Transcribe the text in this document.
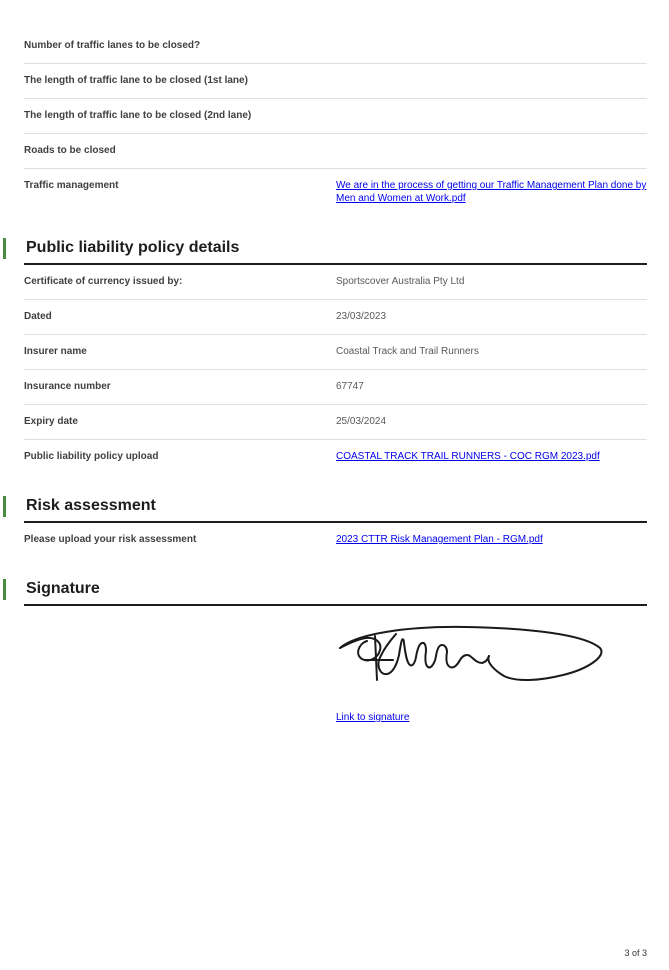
Number of traffic lanes to be closed?
The length of traffic lane to be closed (1st lane)
The length of traffic lane to be closed (2nd lane)
Roads to be closed
Traffic management	We are in the process of getting our Traffic Management Plan done by Men and Women at Work.pdf
Public liability policy details
Certificate of currency issued by:	Sportscover Australia Pty Ltd
Dated	23/03/2023
Insurer name	Coastal Track and Trail Runners
Insurance number	67747
Expiry date	25/03/2024
Public liability policy upload	COASTAL TRACK TRAIL RUNNERS - COC RGM 2023.pdf
Risk assessment
Please upload your risk assessment	2023 CTTR Risk Management Plan - RGM.pdf
Signature
Link to signature
3 of 3
